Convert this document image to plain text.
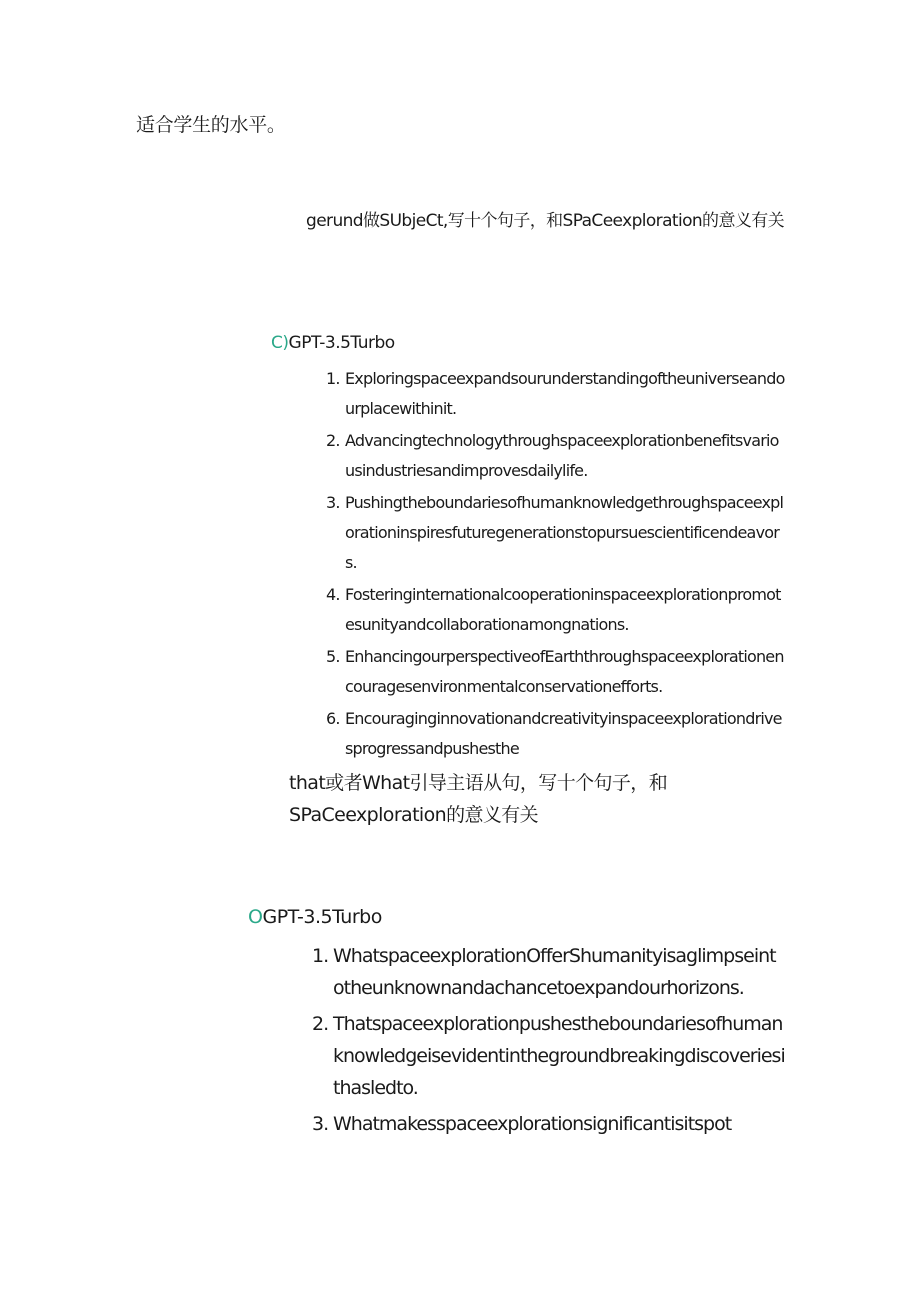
适合学生的水平。
gerund做SUbjeCt,写十个句子，和SPaCeexploration的意义有关
C)GPT-3.5Turbo
1. Exploringspaceexpandsourunderstandingoftheuniverseandourplacewithinit.
2. Advancingtechnologythroughspaceexplorationbenefitsvariousindustriesandimprovesdailylife.
3. Pushingtheboundariesofhumanknowledgethroughspaceexplorationinspiresfuturegenerationstopursuescientificendeavors.
4. Fosteringinternationalcooperationinspaceexplorationpromotesunityandcollaborationamongnations.
5. EnhancingourperspectiveofEarththroughspaceexplorationencouragesenvironmentalconservationefforts.
6. Encouraginginnovationandcreativityinspaceexplorationdrivesprogressandpushesthe
that或者What引导主语从句，写十个句子，和SPaCeexploration的意义有关
OGPT-3.5Turbo
1. WhatspaceexplorationOfferShumanityisaglimpseintotheunknownandachancetoexpandourhorizons.
2. Thatspaceexplorationpushestheboundariesofhumanknowledgeisevidentinthegroundbreakingdiscoveriesithasledto.
3. Whatmakesspaceexplorationsignificantisitspot
